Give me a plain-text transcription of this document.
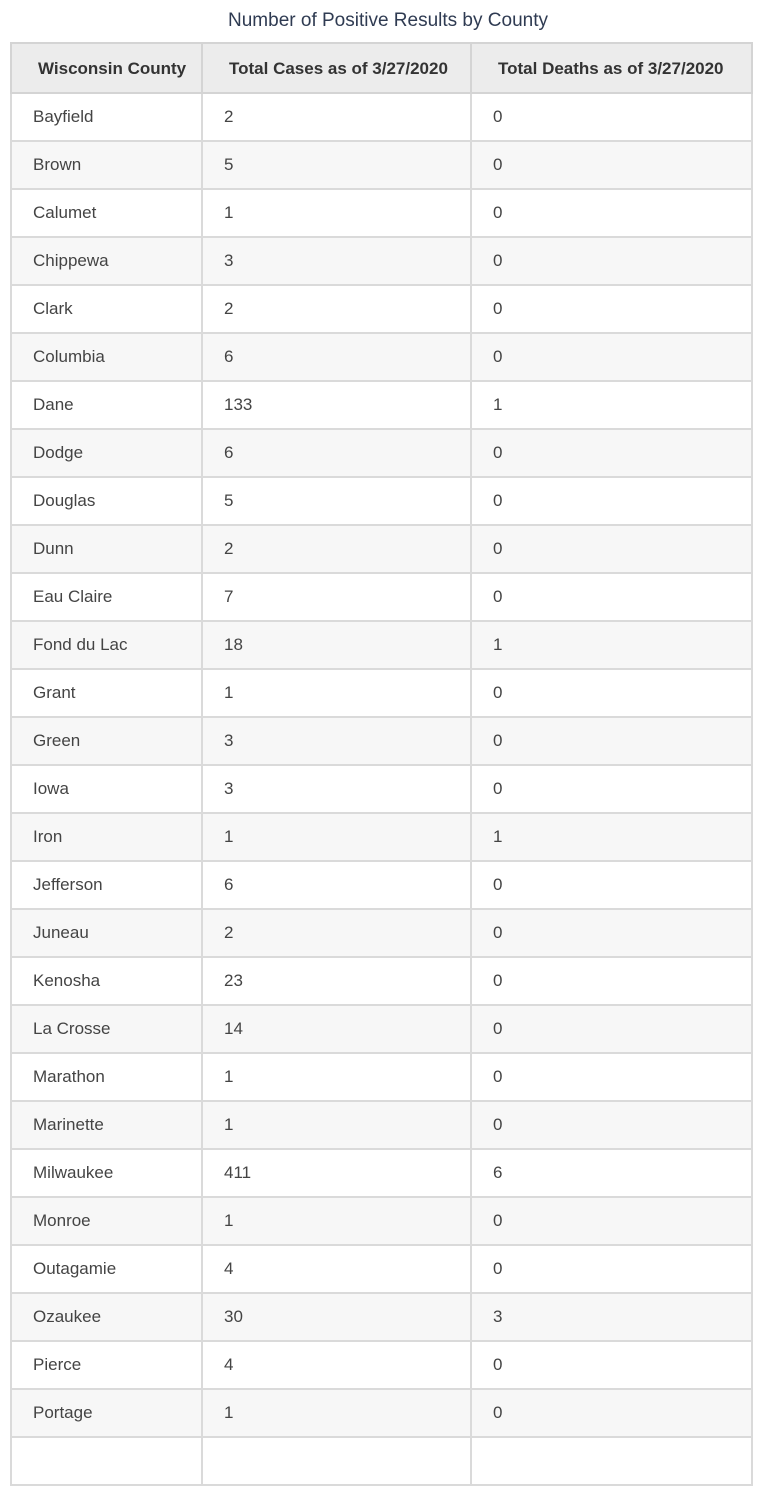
Number of Positive Results by County
Wisconsin County	Total Cases as of 3/27/2020	Total Deaths as of 3/27/2020
Bayfield	2	0
Brown	5	0
Calumet	1	0
Chippewa	3	0
Clark	2	0
Columbia	6	0
Dane	133	1
Dodge	6	0
Douglas	5	0
Dunn	2	0
Eau Claire	7	0
Fond du Lac	18	1
Grant	1	0
Green	3	0
Iowa	3	0
Iron	1	1
Jefferson	6	0
Juneau	2	0
Kenosha	23	0
La Crosse	14	0
Marathon	1	0
Marinette	1	0
Milwaukee	411	6
Monroe	1	0
Outagamie	4	0
Ozaukee	30	3
Pierce	4	0
Portage	1	0
